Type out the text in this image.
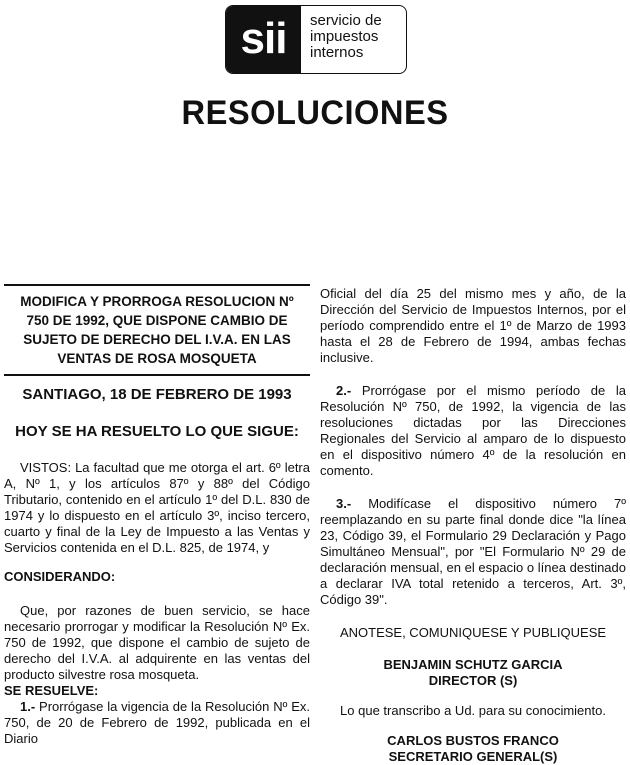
sii	servicio de
impuestos
internos
RESOLUCIONES
MODIFICA Y PRORROGA RESOLUCION Nº
750 DE 1992, QUE DISPONE CAMBIO DE
SUJETO DE DERECHO DEL I.V.A. EN LAS
VENTAS DE ROSA MOSQUETA
SANTIAGO, 18 DE FEBRERO DE 1993
HOY SE HA RESUELTO LO QUE SIGUE:

VISTOS: La facultad que me otorga el art. 6º letra A, Nº 1, y los artículos 87º y 88º del Código Tributario, contenido en el artículo 1º del D.L. 830 de 1974 y lo dispuesto en el artículo 3º, inciso tercero, cuarto y final de la Ley de Impuesto a las Ventas y Servicios contenida en el D.L. 825, de 1974, y

CONSIDERANDO:

Que, por razones de buen servicio, se hace necesario prorrogar y modificar la Resolución Nº Ex. 750 de 1992, que dispone el cambio de sujeto de derecho del I.V.A. al adquirente en las ventas del producto silvestre rosa mosqueta.

SE RESUELVE:

1.- Prorrógase la vigencia de la Resolución Nº Ex. 750, de 20 de Febrero de 1992, publicada en el Diario

Oficial del día 25 del mismo mes y año, de la Dirección del Servicio de Impuestos Internos, por el período comprendido entre el 1º de Marzo de 1993 hasta el 28 de Febrero de 1994, ambas fechas inclusive.

2.- Prorrógase por el mismo período de la Resolución Nº 750, de 1992, la vigencia de las resoluciones dictadas por las Direcciones Regionales del Servicio al amparo de lo dispuesto en el dispositivo número 4º de la resolución en comento.

3.- Modifícase el dispositivo número 7º reemplazando en su parte final donde dice "la línea 23, Código 39, el Formulario 29 Declaración y Pago Simultáneo Mensual", por "El Formulario Nº 29 de declaración mensual, en el espacio o línea destinado a declarar IVA total retenido a terceros, Art. 3º, Código 39".

ANOTESE, COMUNIQUESE Y PUBLIQUESE

BENJAMIN SCHUTZ GARCIA
DIRECTOR (S)

Lo que transcribo a Ud. para su conocimiento.

CARLOS BUSTOS FRANCO
SECRETARIO GENERAL(S)
